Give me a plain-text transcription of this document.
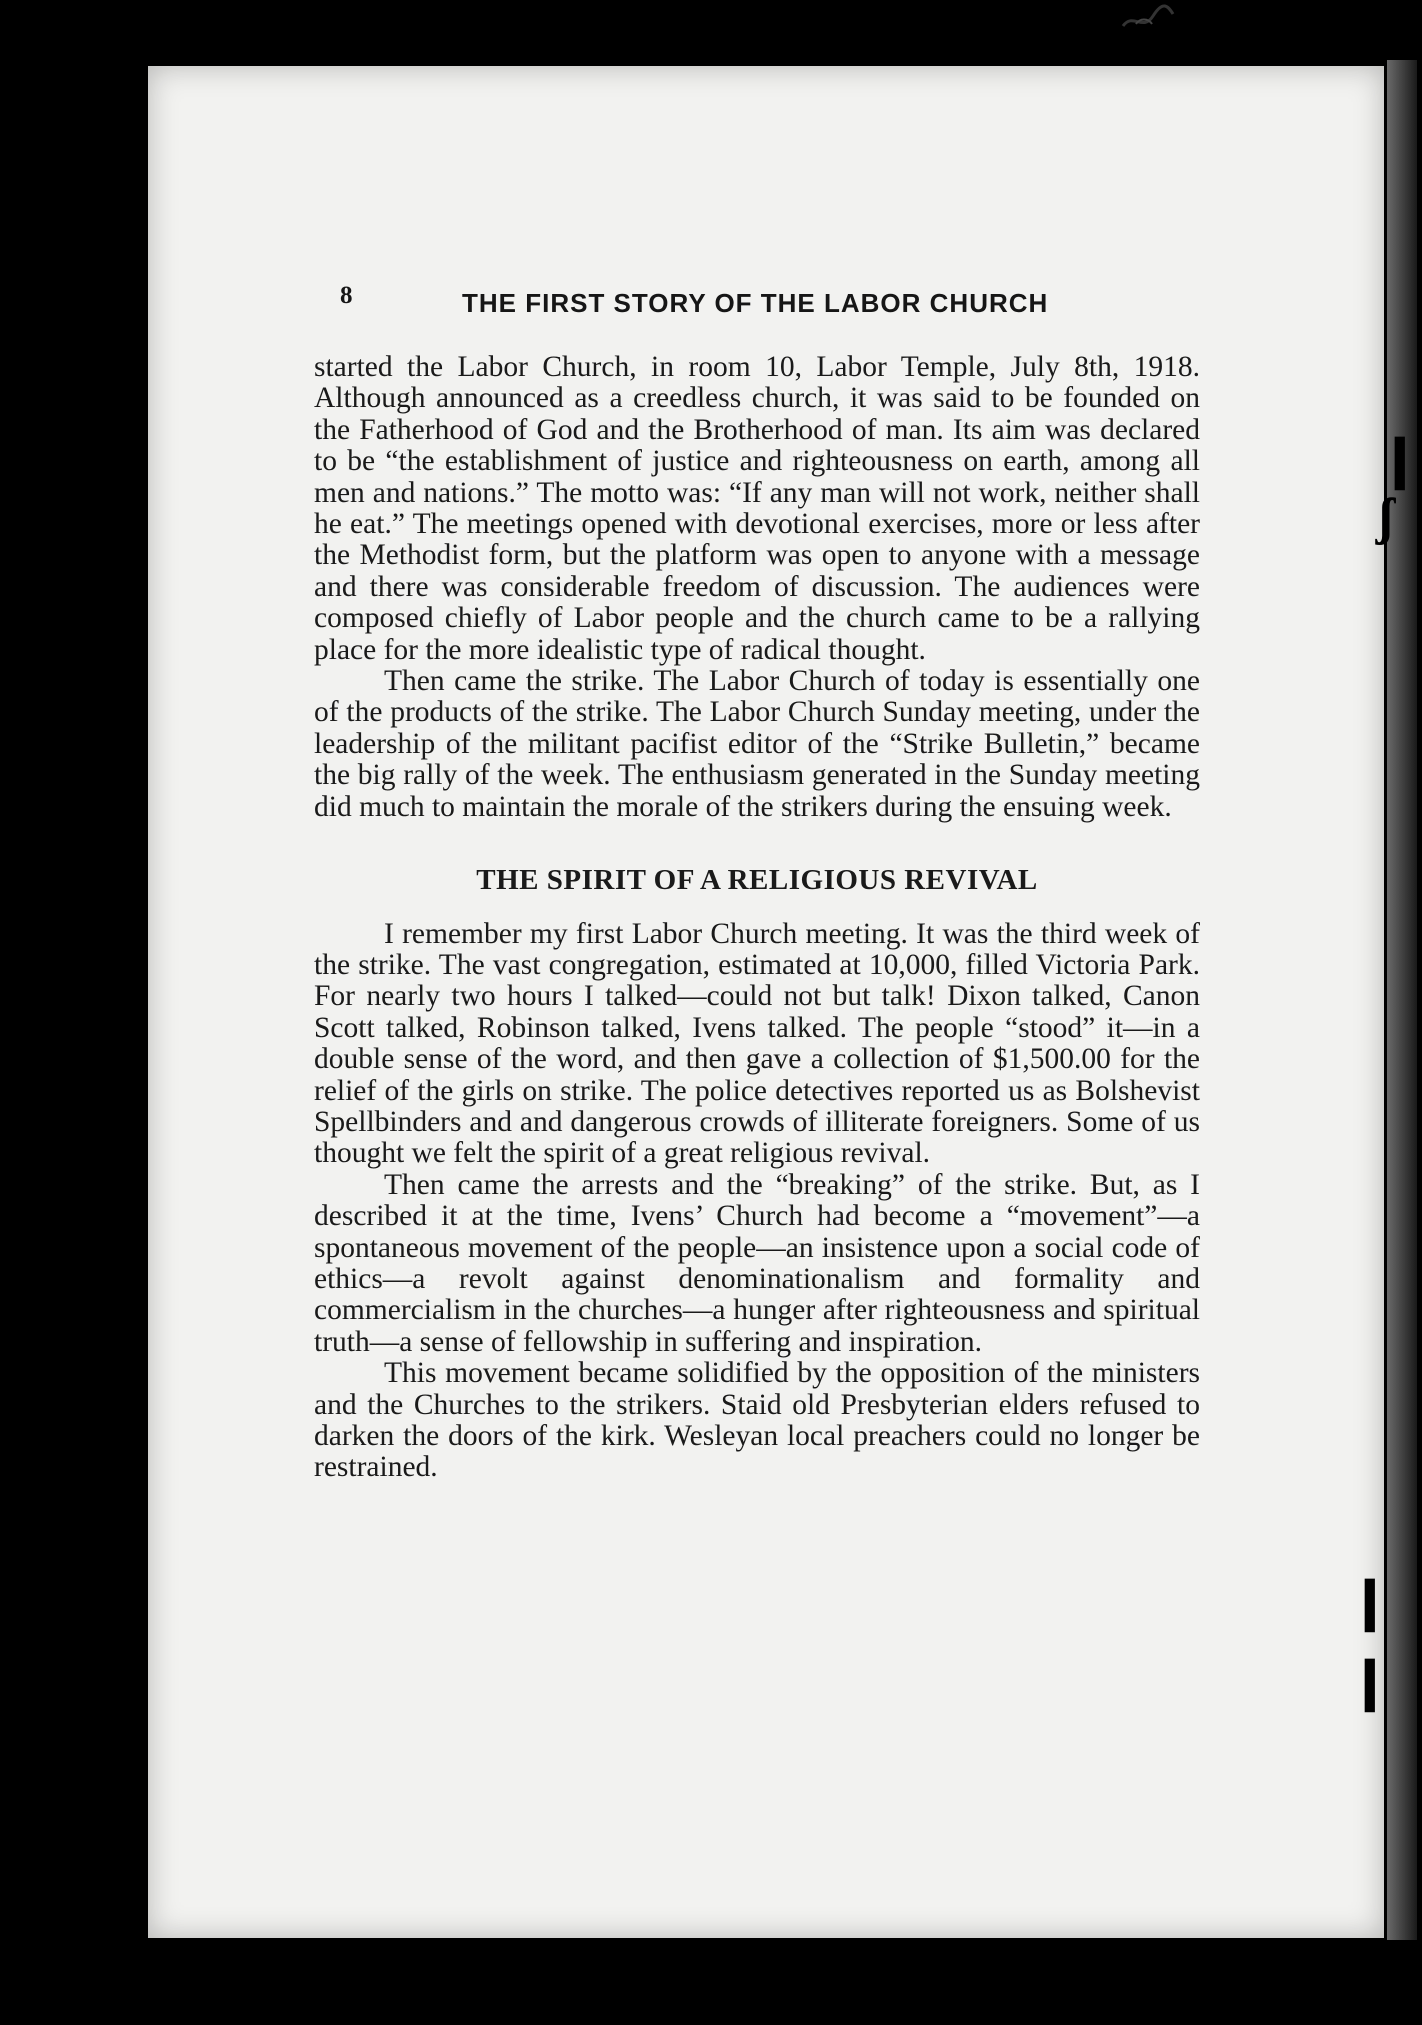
8	THE FIRST STORY OF THE LABOR CHURCH

started the Labor Church, in room 10, Labor Temple, July 8th, 1918. Although announced as a creedless church, it was said to be founded on the Fatherhood of God and the Brotherhood of man. Its aim was declared to be “the establishment of justice and righteousness on earth, among all men and nations.” The motto was: “If any man will not work, neither shall he eat.” The meetings opened with devotional exercises, more or less after the Methodist form, but the platform was open to anyone with a message and there was considerable freedom of discussion. The audiences were composed chiefly of Labor people and the church came to be a rallying place for the more idealistic type of radical thought.

Then came the strike. The Labor Church of today is essentially one of the products of the strike. The Labor Church Sunday meeting, under the leadership of the militant pacifist editor of the “Strike Bulletin,” became the big rally of the week. The enthusiasm generated in the Sunday meeting did much to maintain the morale of the strikers during the ensuing week.

THE SPIRIT OF A RELIGIOUS REVIVAL

I remember my first Labor Church meeting. It was the third week of the strike. The vast congregation, estimated at 10,000, filled Victoria Park. For nearly two hours I talked—could not but talk! Dixon talked, Canon Scott talked, Robinson talked, Ivens talked. The people “stood” it—in a double sense of the word, and then gave a collection of $1,500.00 for the relief of the girls on strike. The police detectives reported us as Bolshevist Spellbinders and and dangerous crowds of illiterate foreigners. Some of us thought we felt the spirit of a great religious revival.

Then came the arrests and the “breaking” of the strike. But, as I described it at the time, Ivens’ Church had become a “movement”—a spontaneous movement of the people—an insistence upon a social code of ethics—a revolt against denominationalism and formality and commercialism in the churches—a hunger after righteousness and spiritual truth—a sense of fellowship in suffering and inspiration.

This movement became solidified by the opposition of the ministers and the Churches to the strikers. Staid old Presbyterian elders refused to darken the doors of the kirk. Wesleyan local preachers could no longer be restrained.

❙
ʃ
❙
❙
